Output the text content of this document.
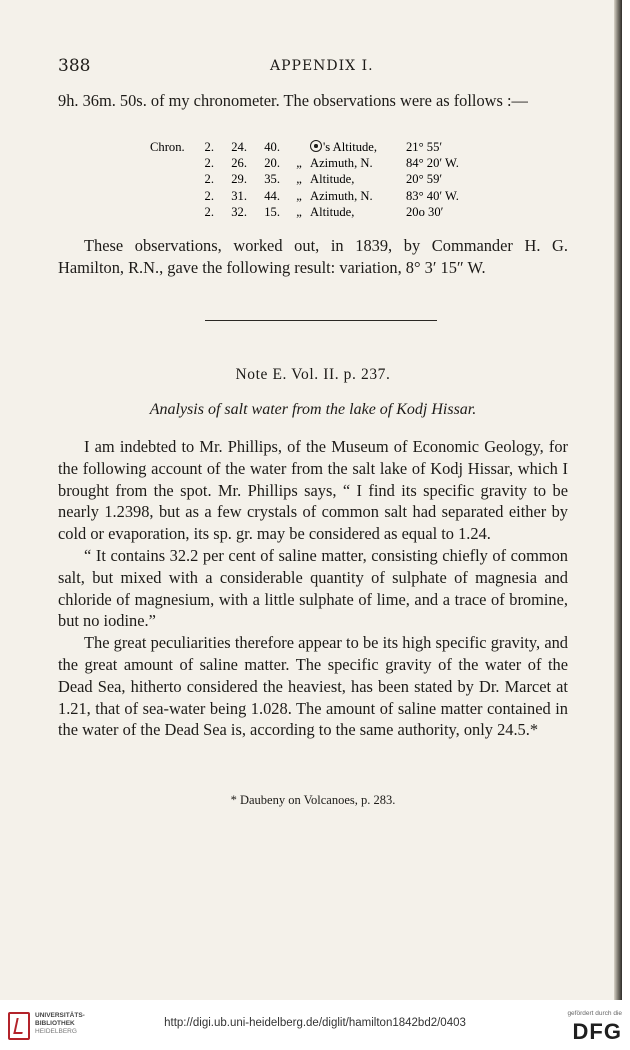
388	APPENDIX I.

9h. 36m. 50s. of my chronometer. The observations were as follows :—

Chron.	2.	24.	40.		's Altitude,	21° 55′
	2.	26.	20.	„	Azimuth, N.	84° 20′ W.
	2.	29.	35.	„	Altitude,	20° 59′
	2.	31.	44.	„	Azimuth, N.	83° 40′ W.
	2.	32.	15.	„	Altitude,	20o 30′

These observations, worked out, in 1839, by Commander H. G. Hamilton, R.N., gave the following result: variation, 8° 3′ 15″ W.

Note E. Vol. II. p. 237.
Analysis of salt water from the lake of Kodj Hissar.

I am indebted to Mr. Phillips, of the Museum of Economic Geology, for the following account of the water from the salt lake of Kodj Hissar, which I brought from the spot. Mr. Phillips says, “ I find its specific gravity to be nearly 1.2398, but as a few crystals of common salt had separated either by cold or evaporation, its sp. gr. may be considered as equal to 1.24.

“ It contains 32.2 per cent of saline matter, consisting chiefly of common salt, but mixed with a considerable quantity of sulphate of magnesia and chloride of magnesium, with a little sulphate of lime, and a trace of bromine, but no iodine.”

The great peculiarities therefore appear to be its high specific gravity, and the great amount of saline matter. The specific gravity of the water of the Dead Sea, hitherto considered the heaviest, has been stated by Dr. Marcet at 1.21, that of sea-water being 1.028. The amount of saline matter contained in the water of the Dead Sea is, according to the same authority, only 24.5.*

* Daubeny on Volcanoes, p. 283.
UNIVERSITÄTS-
BIBLIOTHEK
HEIDELBERG
http://digi.ub.uni-heidelberg.de/diglit/hamilton1842bd2/0403
gefördert durch die
DFG
